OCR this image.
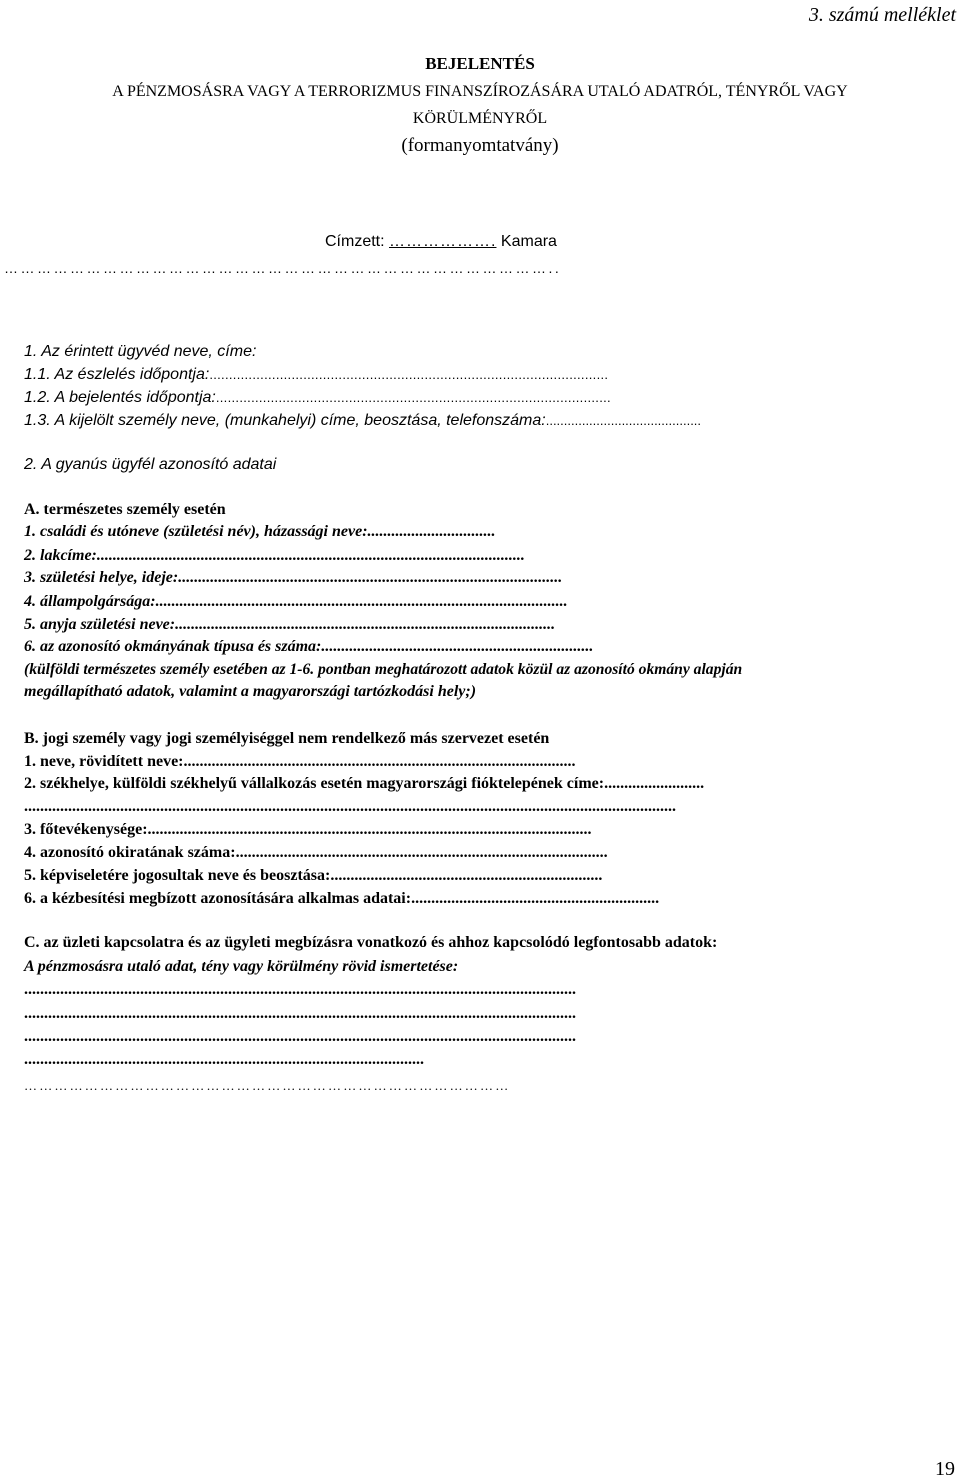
3. számú melléklet
BEJELENTÉS
A PÉNZMOSÁSRA VAGY A TERRORIZMUS FINANSZÍROZÁSÁRA UTALÓ ADATRÓL, TÉNYRŐL VAGY
KÖRÜLMÉNYRŐL
(formanyomtatvány)
Címzett: ………………. Kamara
………………………………………………………………………………………..
1. Az érintett ügyvéd neve, címe:
1.1. Az észlelés időpontja:......................................................................................................
1.2. A bejelentés időpontja:.....................................................................................................
1.3. A kijelölt személy neve, (munkahelyi) címe, beosztása, telefonszáma:...........................................
2. A gyanús ügyfél azonosító adatai
A. természetes személy esetén
1. családi és utóneve (születési név), házassági neve:................................
2. lakcíme:...........................................................................................................
3. születési helye, ideje:................................................................................................
4. állampolgársága:.......................................................................................................
5. anyja születési neve:...............................................................................................
6. az azonosító okmányának típusa és száma:....................................................................
(külföldi természetes személy esetében az 1-6. pontban meghatározott adatok közül az azonosító okmány alapján
megállapítható adatok, valamint a magyarországi tartózkodási hely;)
B. jogi személy vagy jogi személyiséggel nem rendelkező más szervezet esetén
1. neve, rövidített neve:..................................................................................................
2. székhelye, külföldi székhelyű vállalkozás esetén magyarországi fióktelepének címe:.........................
...................................................................................................................................................................
3. főtevékenysége:...............................................................................................................
4. azonosító okiratának száma:.............................................................................................
5. képviseletére jogosultak neve és beosztása:....................................................................
6. a kézbesítési megbízott azonosítására alkalmas adatai:..............................................................
C. az üzleti kapcsolatra és az ügyleti megbízásra vonatkozó és ahhoz kapcsolódó legfontosabb adatok:
A pénzmosásra utaló adat, tény vagy körülmény rövid ismertetése:
..........................................................................................................................................
..........................................................................................................................................
..........................................................................................................................................
....................................................................................................
……………………………………………………………………………………
19
